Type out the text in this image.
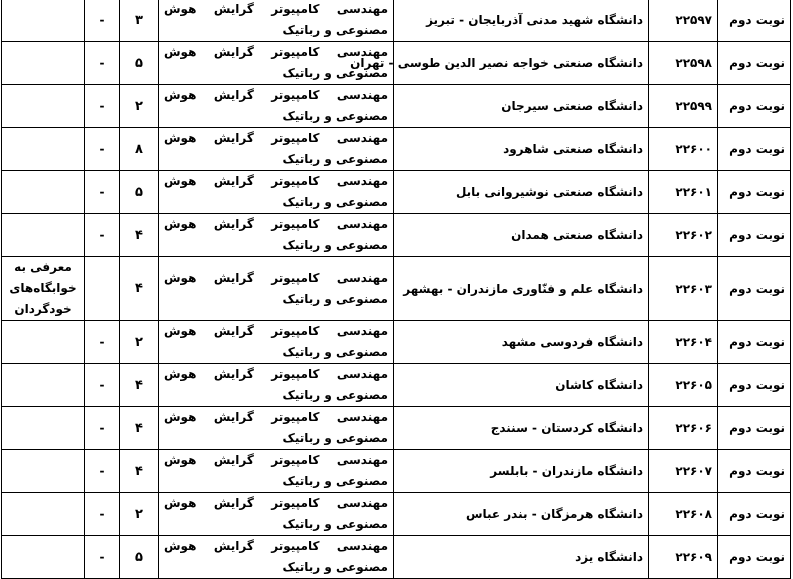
نوبت دوم	۲۲۵۹۷	دانشگاه شهید مدنی آذربایجان - تبریز	مهندسی کامپیوتر گرایش هوش مصنوعی و رباتیک	۳	-	
نوبت دوم	۲۲۵۹۸	دانشگاه صنعتی خواجه نصیر الدین طوسی - تهران	مهندسی کامپیوتر گرایش هوش مصنوعی و رباتیک	۵	-	
نوبت دوم	۲۲۵۹۹	دانشگاه صنعتی سیرجان	مهندسی کامپیوتر گرایش هوش مصنوعی و رباتیک	۲	-	
نوبت دوم	۲۲۶۰۰	دانشگاه صنعتی شاهرود	مهندسی کامپیوتر گرایش هوش مصنوعی و رباتیک	۸	-	
نوبت دوم	۲۲۶۰۱	دانشگاه صنعتی نوشیروانی بابل	مهندسی کامپیوتر گرایش هوش مصنوعی و رباتیک	۵	-	
نوبت دوم	۲۲۶۰۲	دانشگاه صنعتی همدان	مهندسی کامپیوتر گرایش هوش مصنوعی و رباتیک	۴	-	
نوبت دوم	۲۲۶۰۳	دانشگاه علم و فنّاوری مازندران - بهشهر	مهندسی کامپیوتر گرایش هوش مصنوعی و رباتیک	۴		معرفی به خوابگاه‌های خودگردان
نوبت دوم	۲۲۶۰۴	دانشگاه فردوسی مشهد	مهندسی کامپیوتر گرایش هوش مصنوعی و رباتیک	۲	-	
نوبت دوم	۲۲۶۰۵	دانشگاه کاشان	مهندسی کامپیوتر گرایش هوش مصنوعی و رباتیک	۴	-	
نوبت دوم	۲۲۶۰۶	دانشگاه کردستان - سنندج	مهندسی کامپیوتر گرایش هوش مصنوعی و رباتیک	۴	-	
نوبت دوم	۲۲۶۰۷	دانشگاه مازندران - بابلسر	مهندسی کامپیوتر گرایش هوش مصنوعی و رباتیک	۴	-	
نوبت دوم	۲۲۶۰۸	دانشگاه هرمزگان - بندر عباس	مهندسی کامپیوتر گرایش هوش مصنوعی و رباتیک	۲	-	
نوبت دوم	۲۲۶۰۹	دانشگاه یزد	مهندسی کامپیوتر گرایش هوش مصنوعی و رباتیک	۵	-	
